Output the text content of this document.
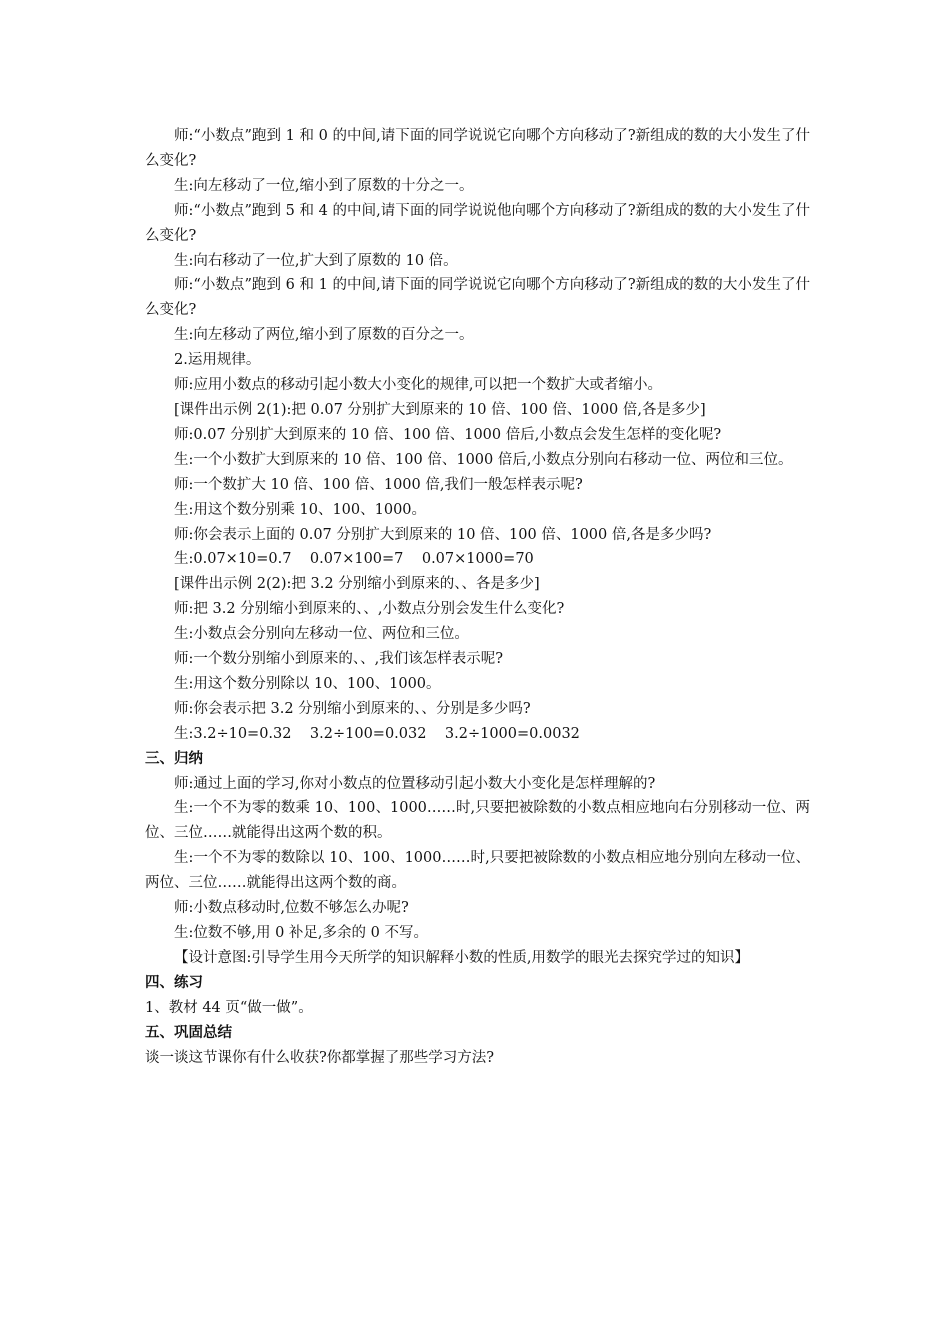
师:“小数点”跑到 1 和 0 的中间,请下面的同学说说它向哪个方向移动了?新组成的数的大小发生了什么变化?

生:向左移动了一位,缩小到了原数的十分之一。

师:“小数点”跑到 5 和 4 的中间,请下面的同学说说他向哪个方向移动了?新组成的数的大小发生了什么变化?

生:向右移动了一位,扩大到了原数的 10 倍。

师:“小数点”跑到 6 和 1 的中间,请下面的同学说说它向哪个方向移动了?新组成的数的大小发生了什么变化?

生:向左移动了两位,缩小到了原数的百分之一。

2.运用规律。

师:应用小数点的移动引起小数大小变化的规律,可以把一个数扩大或者缩小。

[课件出示例 2(1):把 0.07 分别扩大到原来的 10 倍、100 倍、1000 倍,各是多少]

师:0.07 分别扩大到原来的 10 倍、100 倍、1000 倍后,小数点会发生怎样的变化呢?

生:一个小数扩大到原来的 10 倍、100 倍、1000 倍后,小数点分别向右移动一位、两位和三位。

师:一个数扩大 10 倍、100 倍、1000 倍,我们一般怎样表示呢?

生:用这个数分别乘 10、100、1000。

师:你会表示上面的 0.07 分别扩大到原来的 10 倍、100 倍、1000 倍,各是多少吗?

生:0.07×10=0.7    0.07×100=7    0.07×1000=70

[课件出示例 2(2):把 3.2 分别缩小到原来的、、各是多少]

师:把 3.2 分别缩小到原来的、、,小数点分别会发生什么变化?

生:小数点会分别向左移动一位、两位和三位。

师:一个数分别缩小到原来的、、,我们该怎样表示呢?

生:用这个数分别除以 10、100、1000。

师:你会表示把 3.2 分别缩小到原来的、、分别是多少吗?

生:3.2÷10=0.32    3.2÷100=0.032    3.2÷1000=0.0032

三、归纳

师:通过上面的学习,你对小数点的位置移动引起小数大小变化是怎样理解的?

生:一个不为零的数乘 10、100、1000……时,只要把被除数的小数点相应地向右分别移动一位、两位、三位……就能得出这两个数的积。

生:一个不为零的数除以 10、100、1000……时,只要把被除数的小数点相应地分别向左移动一位、两位、三位……就能得出这两个数的商。

师:小数点移动时,位数不够怎么办呢?

生:位数不够,用 0 补足,多余的 0 不写。

【设计意图:引导学生用今天所学的知识解释小数的性质,用数学的眼光去探究学过的知识】

四、练习

1、教材 44 页“做一做”。

五、巩固总结

谈一谈这节课你有什么收获?你都掌握了那些学习方法?
